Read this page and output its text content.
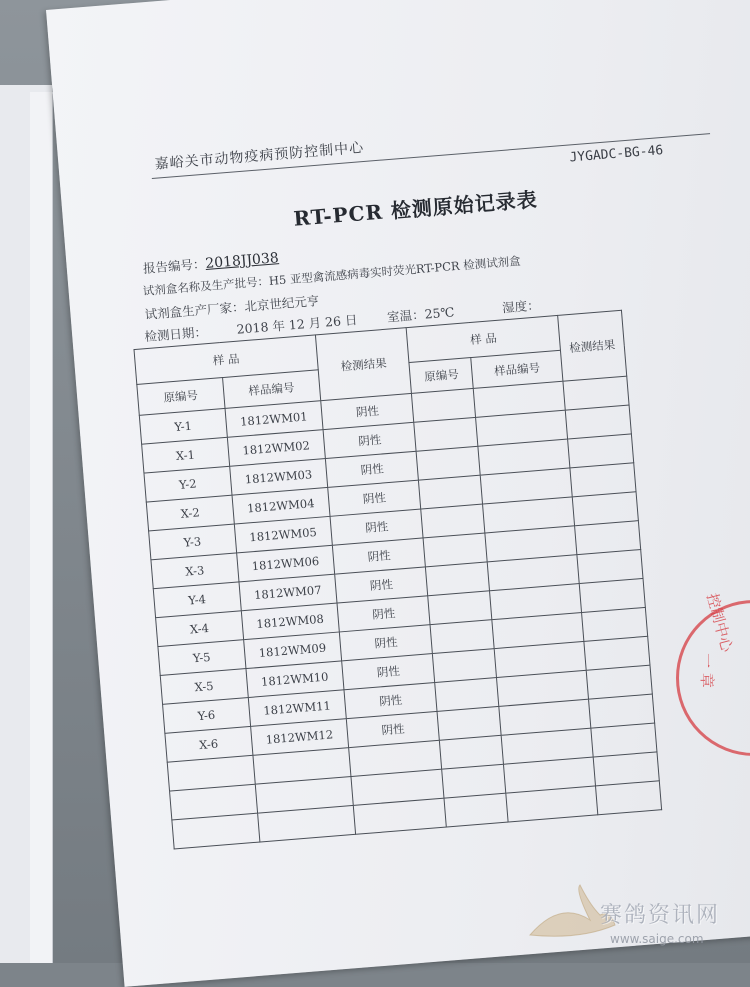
嘉峪关市动物疫病预防控制中心	JYGADC-BG-46
RT-PCR 检测原始记录表
报告编号：2018JJ038
试剂盒名称及生产批号：H5 亚型禽流感病毒实时荧光RT-PCR 检测试剂盒
试剂盒生产厂家：北京世纪元亨
检测日期： 2018 年 12 月 26 日 室温：25℃	湿度：
样 品		检测结果	样 品		检测结果
原编号	样品编号		原编号	样品编号	
Y-1	1812WM01	阴性			
X-1	1812WM02	阴性			
Y-2	1812WM03	阴性			
X-2	1812WM04	阴性			
Y-3	1812WM05	阴性			
X-3	1812WM06	阴性			
Y-4	1812WM07	阴性			
X-4	1812WM08	阴性			
Y-5	1812WM09	阴性			
X-5	1812WM10	阴性			
Y-6	1812WM11	阴性			
X-6	1812WM12	阴性			

控制中心
一 章
赛鸽资讯网
www.saige.com
